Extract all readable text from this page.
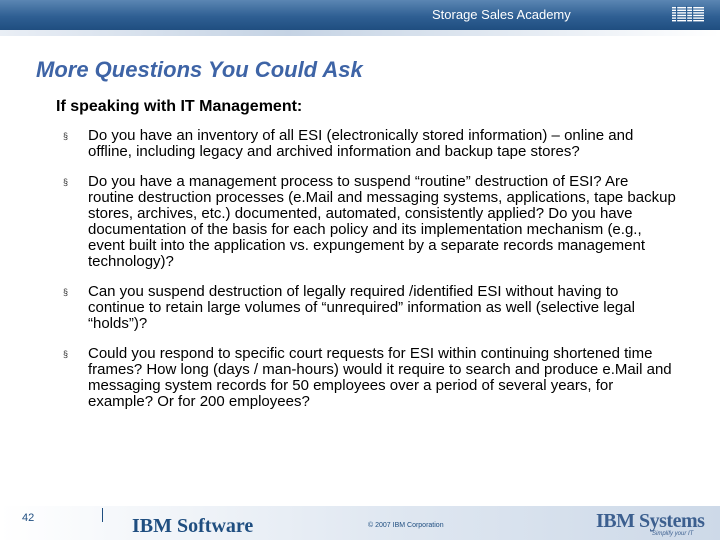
Storage Sales Academy
More Questions You Could Ask
If speaking with IT Management:
§ Do you have an inventory of all ESI (electronically stored information) – online and offline, including legacy and archived information and backup tape stores?
§ Do you have a management process to suspend “routine” destruction of ESI? Are routine destruction processes (e.Mail and messaging systems, applications, tape backup stores, archives, etc.) documented, automated, consistently applied? Do you have documentation of the basis for each policy and its implementation mechanism (e.g., event built into the application vs. expungement by a separate records management technology)?
§ Can you suspend destruction of legally required /identified ESI without having to continue to retain large volumes of “unrequired” information as well (selective legal “holds”)?
§ Could you respond to specific court requests for ESI within continuing shortened time frames? How long (days / man-hours) would it require to search and produce e.Mail and messaging system records for 50 employees over a period of several years, for example? Or for 200 employees?
42	IBM Software	© 2007 IBM Corporation	IBM Systems
Simplify your IT
